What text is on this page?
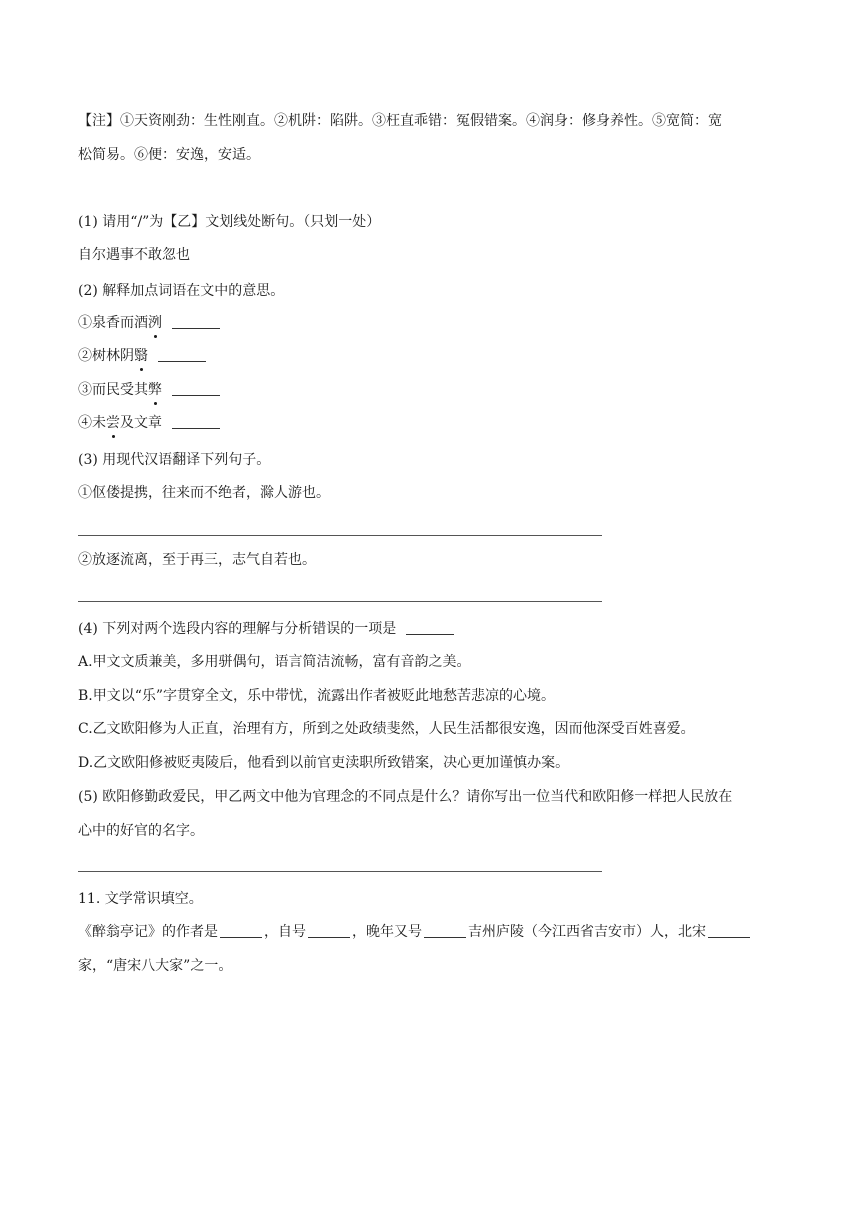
【注】①天资刚劲：生性刚直。②机阱：陷阱。③枉直乖错：冤假错案。④润身：修身养性。⑤宽简：宽
松简易。⑥便：安逸，安适。
(1) 请用“/”为【乙】文划线处断句。（只划一处）
自尔遇事不敢忽也
(2) 解释加点词语在文中的意思。
①泉香而酒洌
②树林阴翳
③而民受其弊
④未尝及文章
(3) 用现代汉语翻译下列句子。
①伛偻提携，往来而不绝者，滁人游也。
②放逐流离，至于再三，志气自若也。
(4) 下列对两个选段内容的理解与分析错误的一项是
A.甲文文质兼美，多用骈偶句，语言简洁流畅，富有音韵之美。
B.甲文以“乐”字贯穿全文，乐中带忧，流露出作者被贬此地愁苦悲凉的心境。
C.乙文欧阳修为人正直，治理有方，所到之处政绩斐然，人民生活都很安逸，因而他深受百姓喜爱。
D.乙文欧阳修被贬夷陵后，他看到以前官吏渎职所致错案，决心更加谨慎办案。
(5) 欧阳修勤政爱民，甲乙两文中他为官理念的不同点是什么？请你写出一位当代和欧阳修一样把人民放在
心中的好官的名字。
11. 文学常识填空。
《醉翁亭记》的作者是	，自号	，晚年又号	吉州庐陵（今江西省吉安市）人，北宋
家，“唐宋八大家”之一。
